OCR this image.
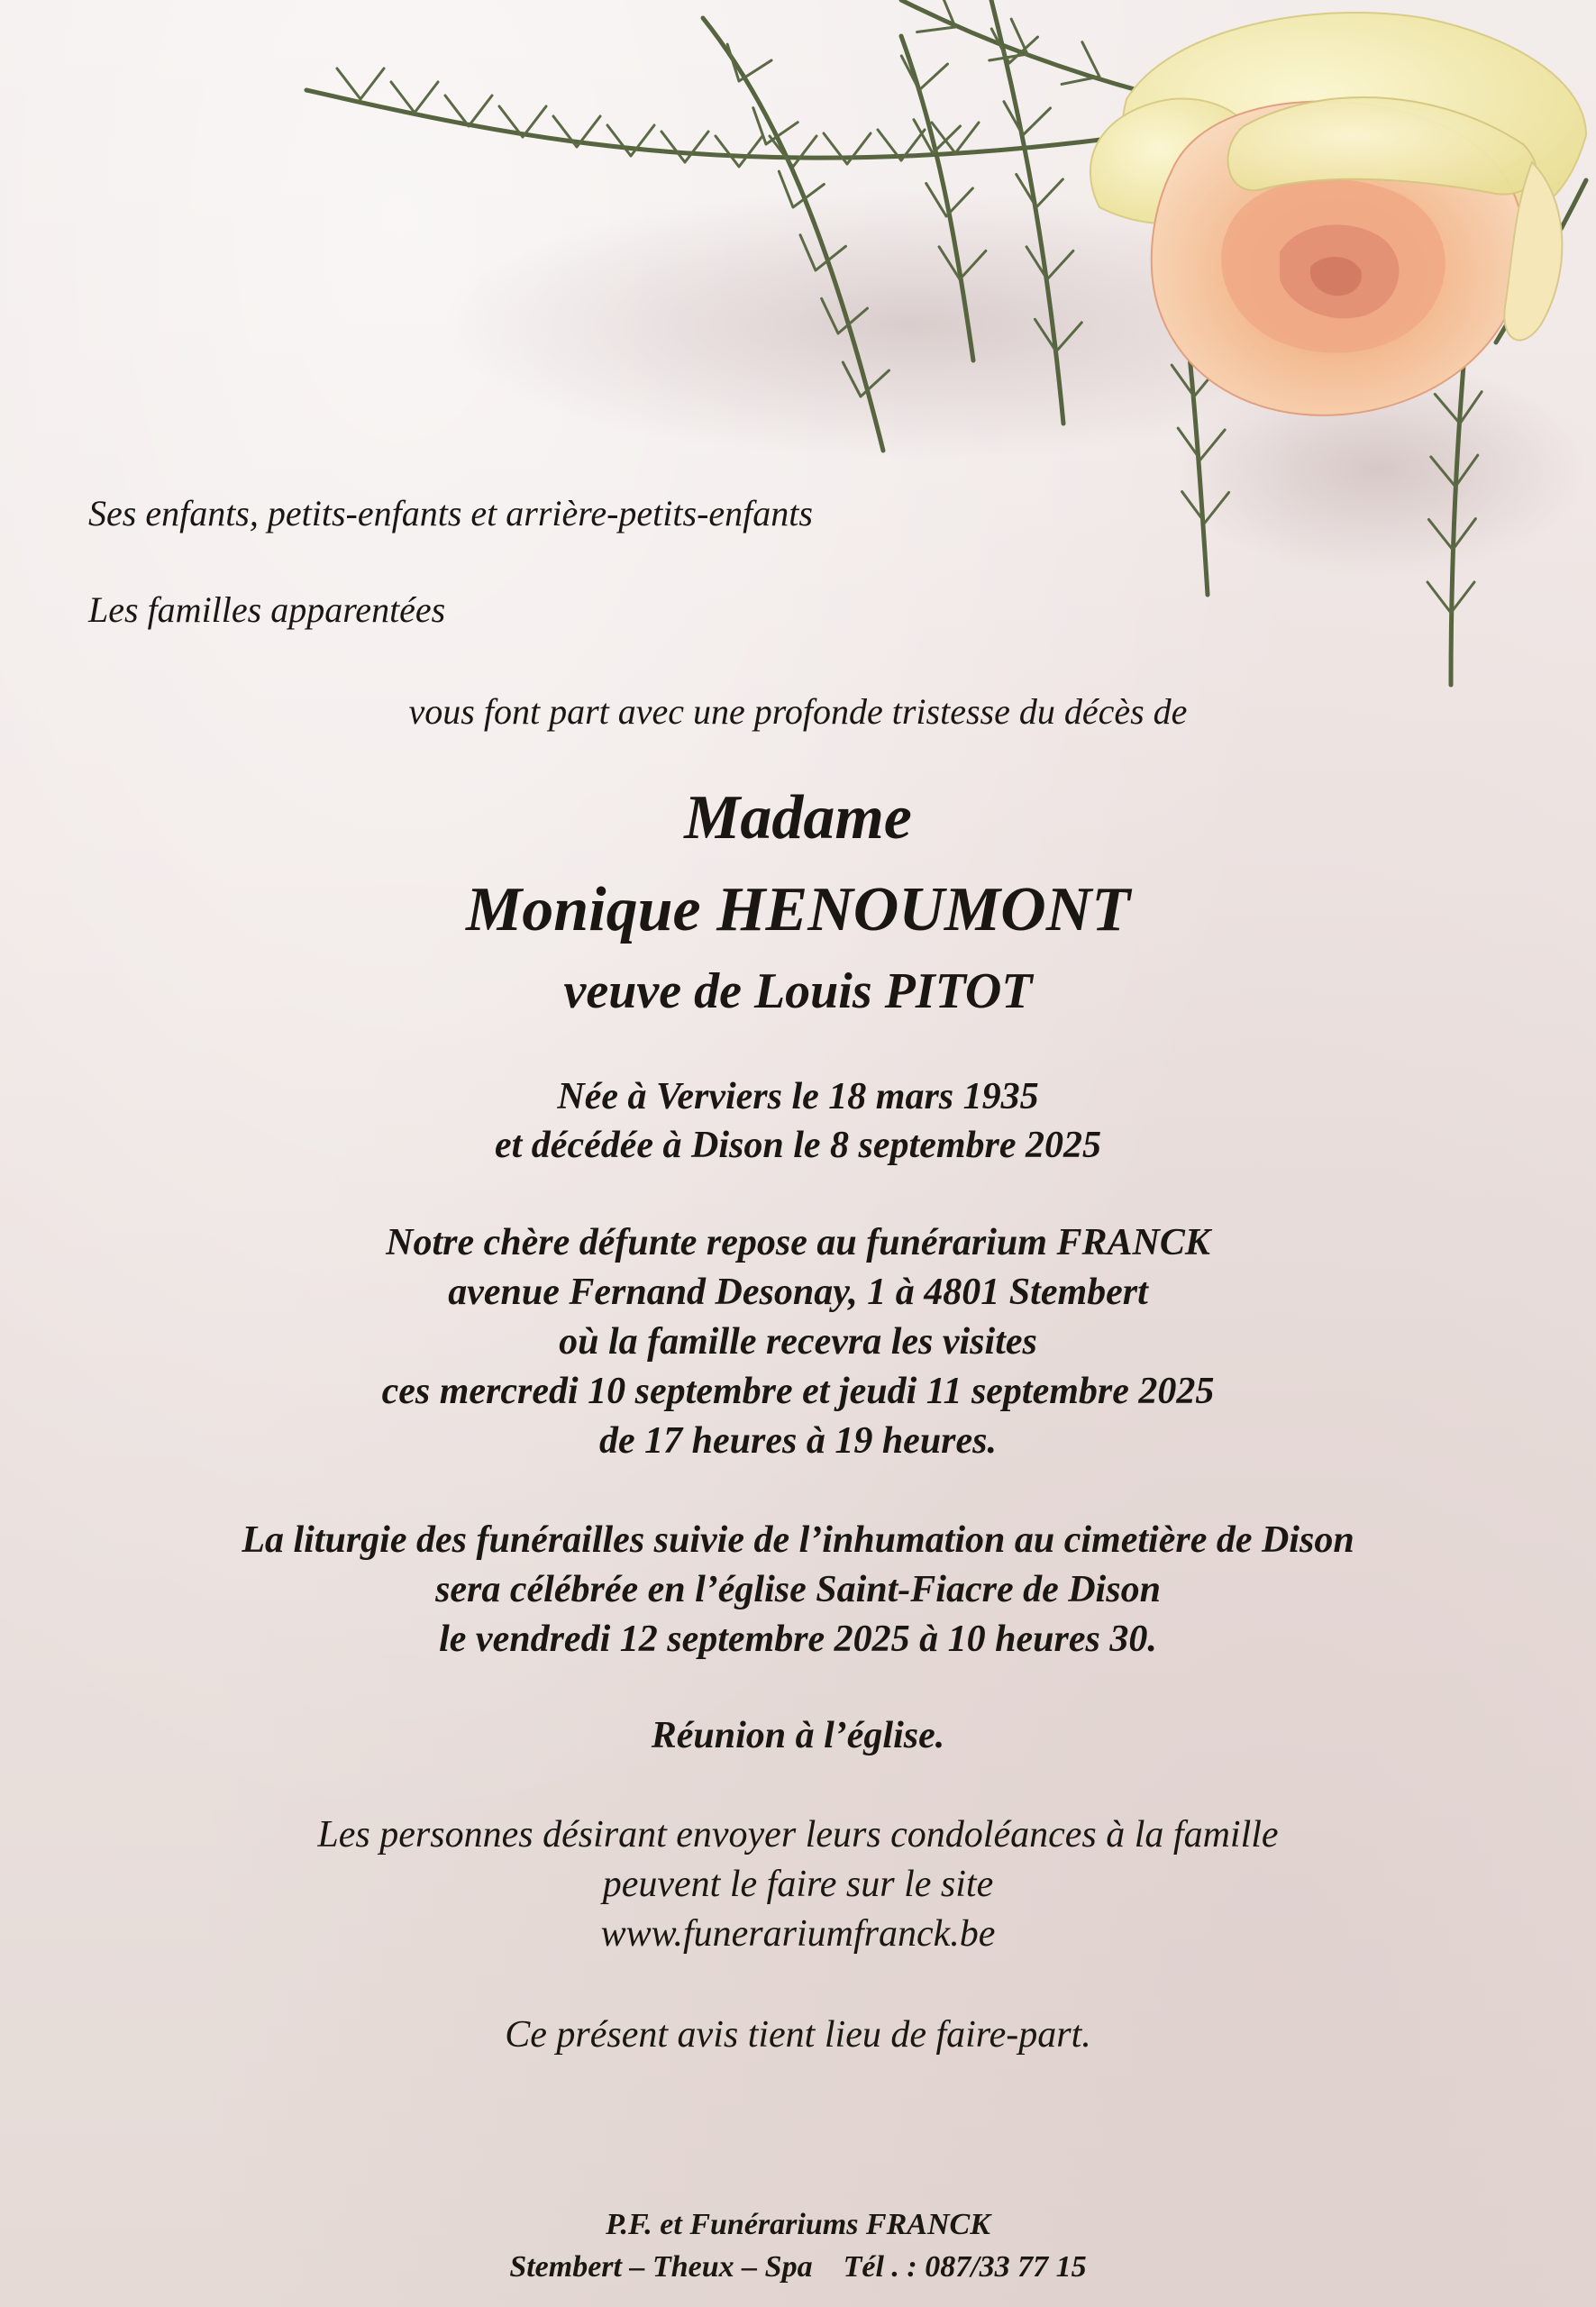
Ses enfants, petits-enfants et arrière-petits-enfants
Les familles apparentées
vous font part avec une profonde tristesse du décès de
Madame
Monique HENOUMONT
veuve de Louis PITOT
Née à Verviers le 18 mars 1935
et décédée à Dison le 8 septembre 2025
Notre chère défunte repose au funérarium FRANCK
avenue Fernand Desonay, 1 à 4801 Stembert
où la famille recevra les visites
ces mercredi 10 septembre et jeudi 11 septembre 2025
de 17 heures à 19 heures.
La liturgie des funérailles suivie de l’inhumation au cimetière de Dison
sera célébrée en l’église Saint-Fiacre de Dison
le vendredi 12 septembre 2025 à 10 heures 30.
Réunion à l’église.
Les personnes désirant envoyer leurs condoléances à la famille
peuvent le faire sur le site
www.funerariumfranck.be
Ce présent avis tient lieu de faire-part.
P.F. et Funérariums FRANCK
Stembert – Theux – Spa Tél . : 087/33 77 15
